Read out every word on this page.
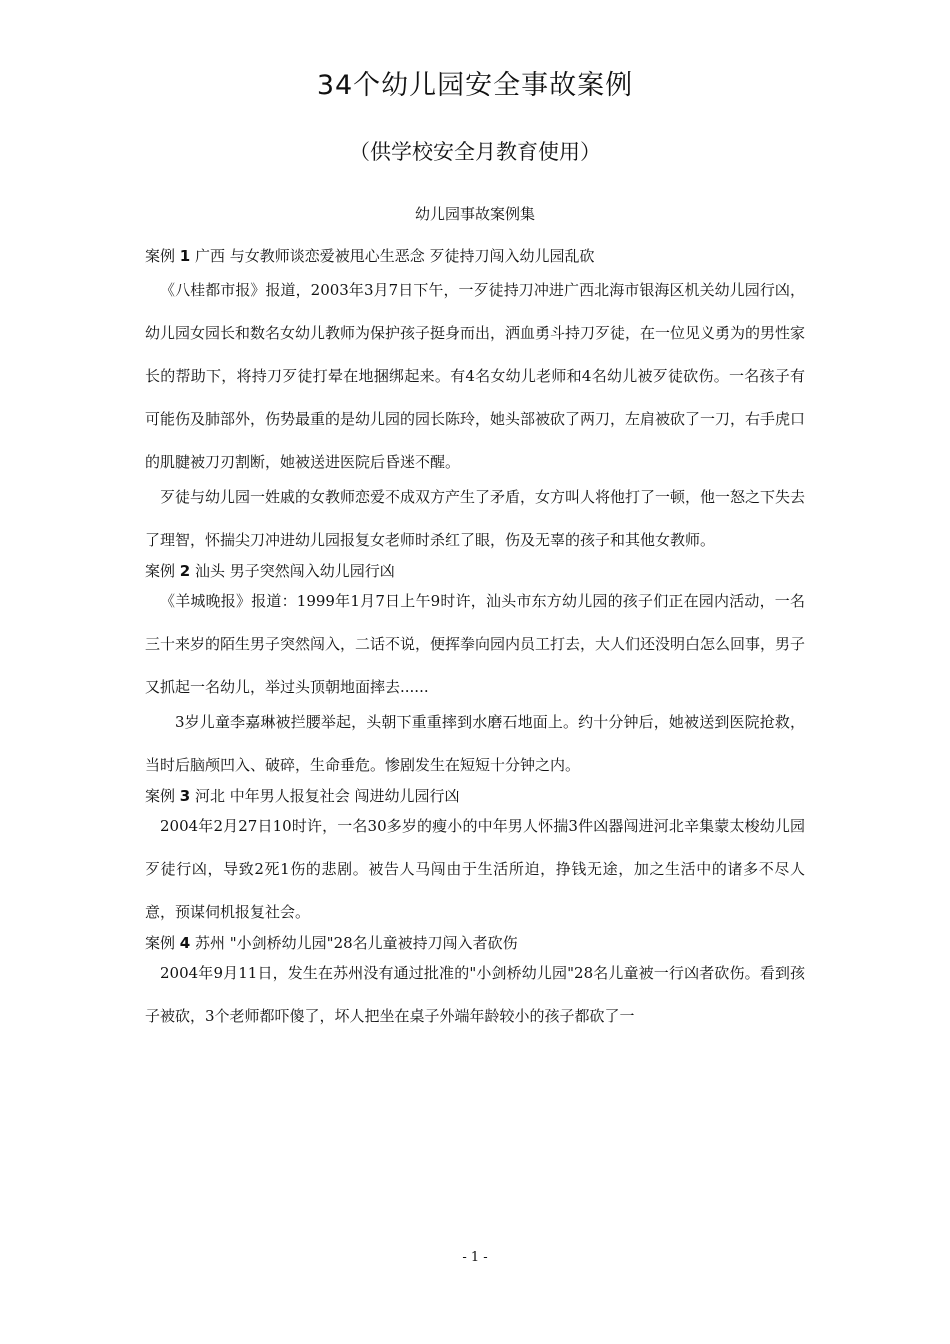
34个幼儿园安全事故案例
（供学校安全月教育使用）
幼儿园事故案例集
案例 1 广西 与女教师谈恋爱被甩心生恶念 歹徒持刀闯入幼儿园乱砍
《八桂都市报》报道，2003年3月7日下午，一歹徒持刀冲进广西北海市银海区机关幼儿园行凶，幼儿园女园长和数名女幼儿教师为保护孩子挺身而出，洒血勇斗持刀歹徒，在一位见义勇为的男性家长的帮助下，将持刀歹徒打晕在地捆绑起来。有4名女幼儿老师和4名幼儿被歹徒砍伤。一名孩子有可能伤及肺部外，伤势最重的是幼儿园的园长陈玲，她头部被砍了两刀，左肩被砍了一刀，右手虎口的肌腱被刀刃割断，她被送进医院后昏迷不醒。
歹徒与幼儿园一姓戚的女教师恋爱不成双方产生了矛盾，女方叫人将他打了一顿，他一怒之下失去了理智，怀揣尖刀冲进幼儿园报复女老师时杀红了眼，伤及无辜的孩子和其他女教师。
案例 2 汕头 男子突然闯入幼儿园行凶
《羊城晚报》报道：1999年1月7日上午9时许，汕头市东方幼儿园的孩子们正在园内活动，一名三十来岁的陌生男子突然闯入，二话不说，便挥拳向园内员工打去，大人们还没明白怎么回事，男子又抓起一名幼儿，举过头顶朝地面摔去......
3岁儿童李嘉琳被拦腰举起，头朝下重重摔到水磨石地面上。约十分钟后，她被送到医院抢救，当时后脑颅凹入、破碎，生命垂危。惨剧发生在短短十分钟之内。
案例 3 河北 中年男人报复社会 闯进幼儿园行凶
2004年2月27日10时许，一名30多岁的瘦小的中年男人怀揣3件凶器闯进河北辛集蒙太梭幼儿园歹徒行凶，导致2死1伤的悲剧。被告人马闯由于生活所迫，挣钱无途，加之生活中的诸多不尽人意，预谋伺机报复社会。
案例 4 苏州 "小剑桥幼儿园"28名儿童被持刀闯入者砍伤
2004年9月11日，发生在苏州没有通过批准的"小剑桥幼儿园"28名儿童被一行凶者砍伤。看到孩子被砍，3个老师都吓傻了，坏人把坐在桌子外端年龄较小的孩子都砍了一
- 1 -
